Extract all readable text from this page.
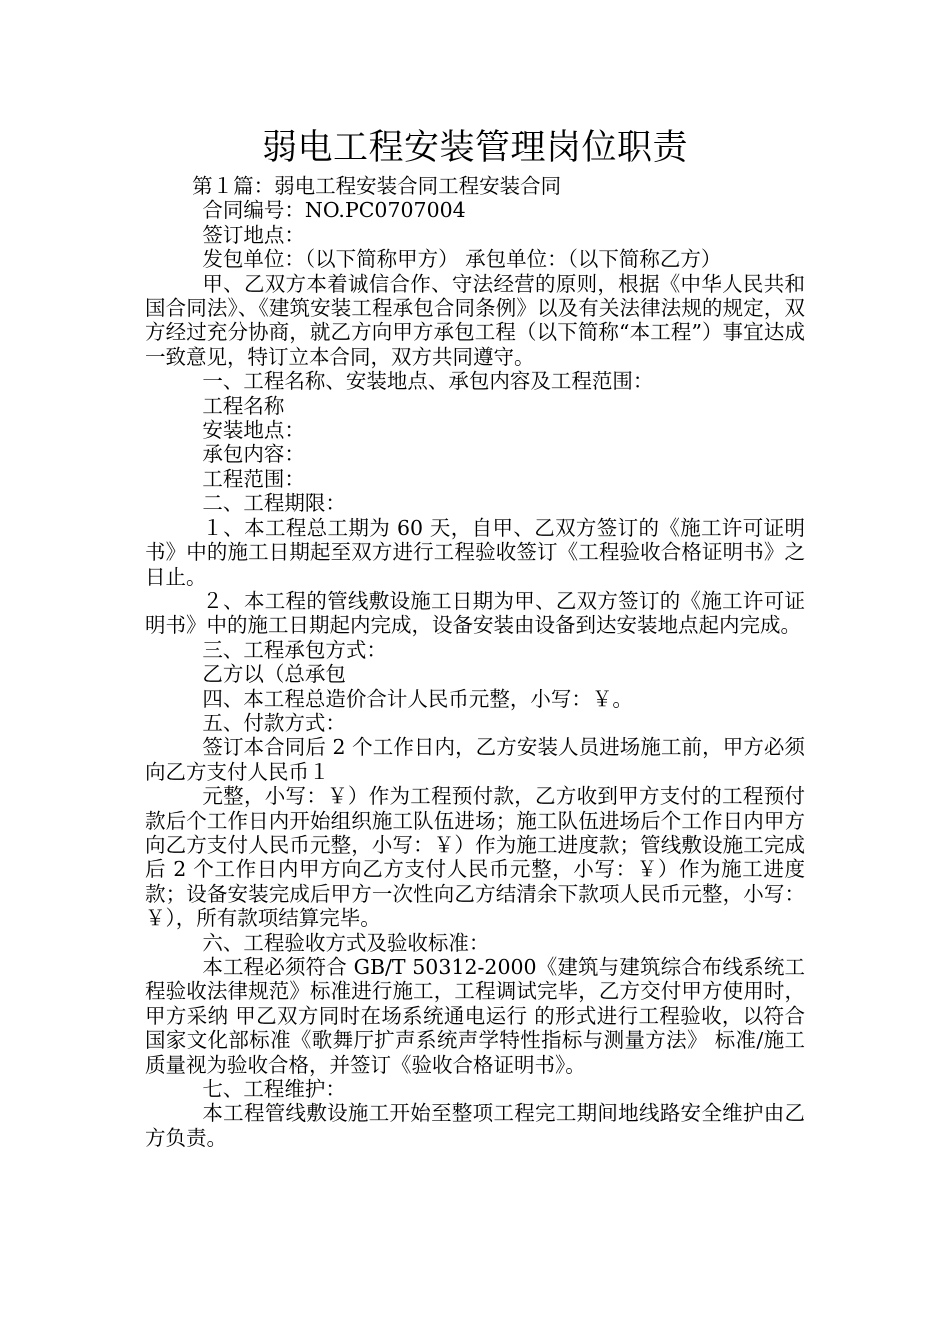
弱电工程安装管理岗位职责

第１篇：弱电工程安装合同工程安装合同

合同编号：NO.PC0707004

签订地点：

发包单位：（以下简称甲方） 承包单位：（以下简称乙方）

甲、乙双方本着诚信合作、守法经营的原则，根据《中华人民共和国合同法》、《建筑安装工程承包合同条例》以及有关法律法规的规定，双方经过充分协商，就乙方向甲方承包工程（以下简称“本工程”）事宜达成一致意见，特订立本合同，双方共同遵守。

一、工程名称、安装地点、承包内容及工程范围：

工程名称

安装地点：

承包内容：

工程范围：

二、工程期限：

１、本工程总工期为 60 天，自甲、乙双方签订的《施工许可证明书》中的施工日期起至双方进行工程验收签订《工程验收合格证明书》之日止。

２、本工程的管线敷设施工日期为甲、乙双方签订的《施工许可证明书》中的施工日期起内完成，设备安装由设备到达安装地点起内完成。

三、工程承包方式：

乙方以（总承包

四、本工程总造价合计人民币元整，小写：￥。

五、付款方式：

签订本合同后 2 个工作日内，乙方安装人员进场施工前，甲方必须向乙方支付人民币１

元整，小写：￥）作为工程预付款，乙方收到甲方支付的工程预付款后个工作日内开始组织施工队伍进场；施工队伍进场后个工作日内甲方向乙方支付人民币元整，小写：￥）作为施工进度款；管线敷设施工完成后 2 个工作日内甲方向乙方支付人民币元整，小写：￥）作为施工进度款；设备安装完成后甲方一次性向乙方结清余下款项人民币元整，小写：￥），所有款项结算完毕。

六、工程验收方式及验收标准：

本工程必须符合 GB/T 50312-2000《建筑与建筑综合布线系统工程验收法律规范》标准进行施工，工程调试完毕，乙方交付甲方使用时，甲方采纳 甲乙双方同时在场系统通电运行 的形式进行工程验收，以符合 国家文化部标准《歌舞厅扩声系统声学特性指标与测量方法》 标准/施工质量视为验收合格，并签订《验收合格证明书》。

七、工程维护：

本工程管线敷设施工开始至整项工程完工期间地线路安全维护由乙方负责。
